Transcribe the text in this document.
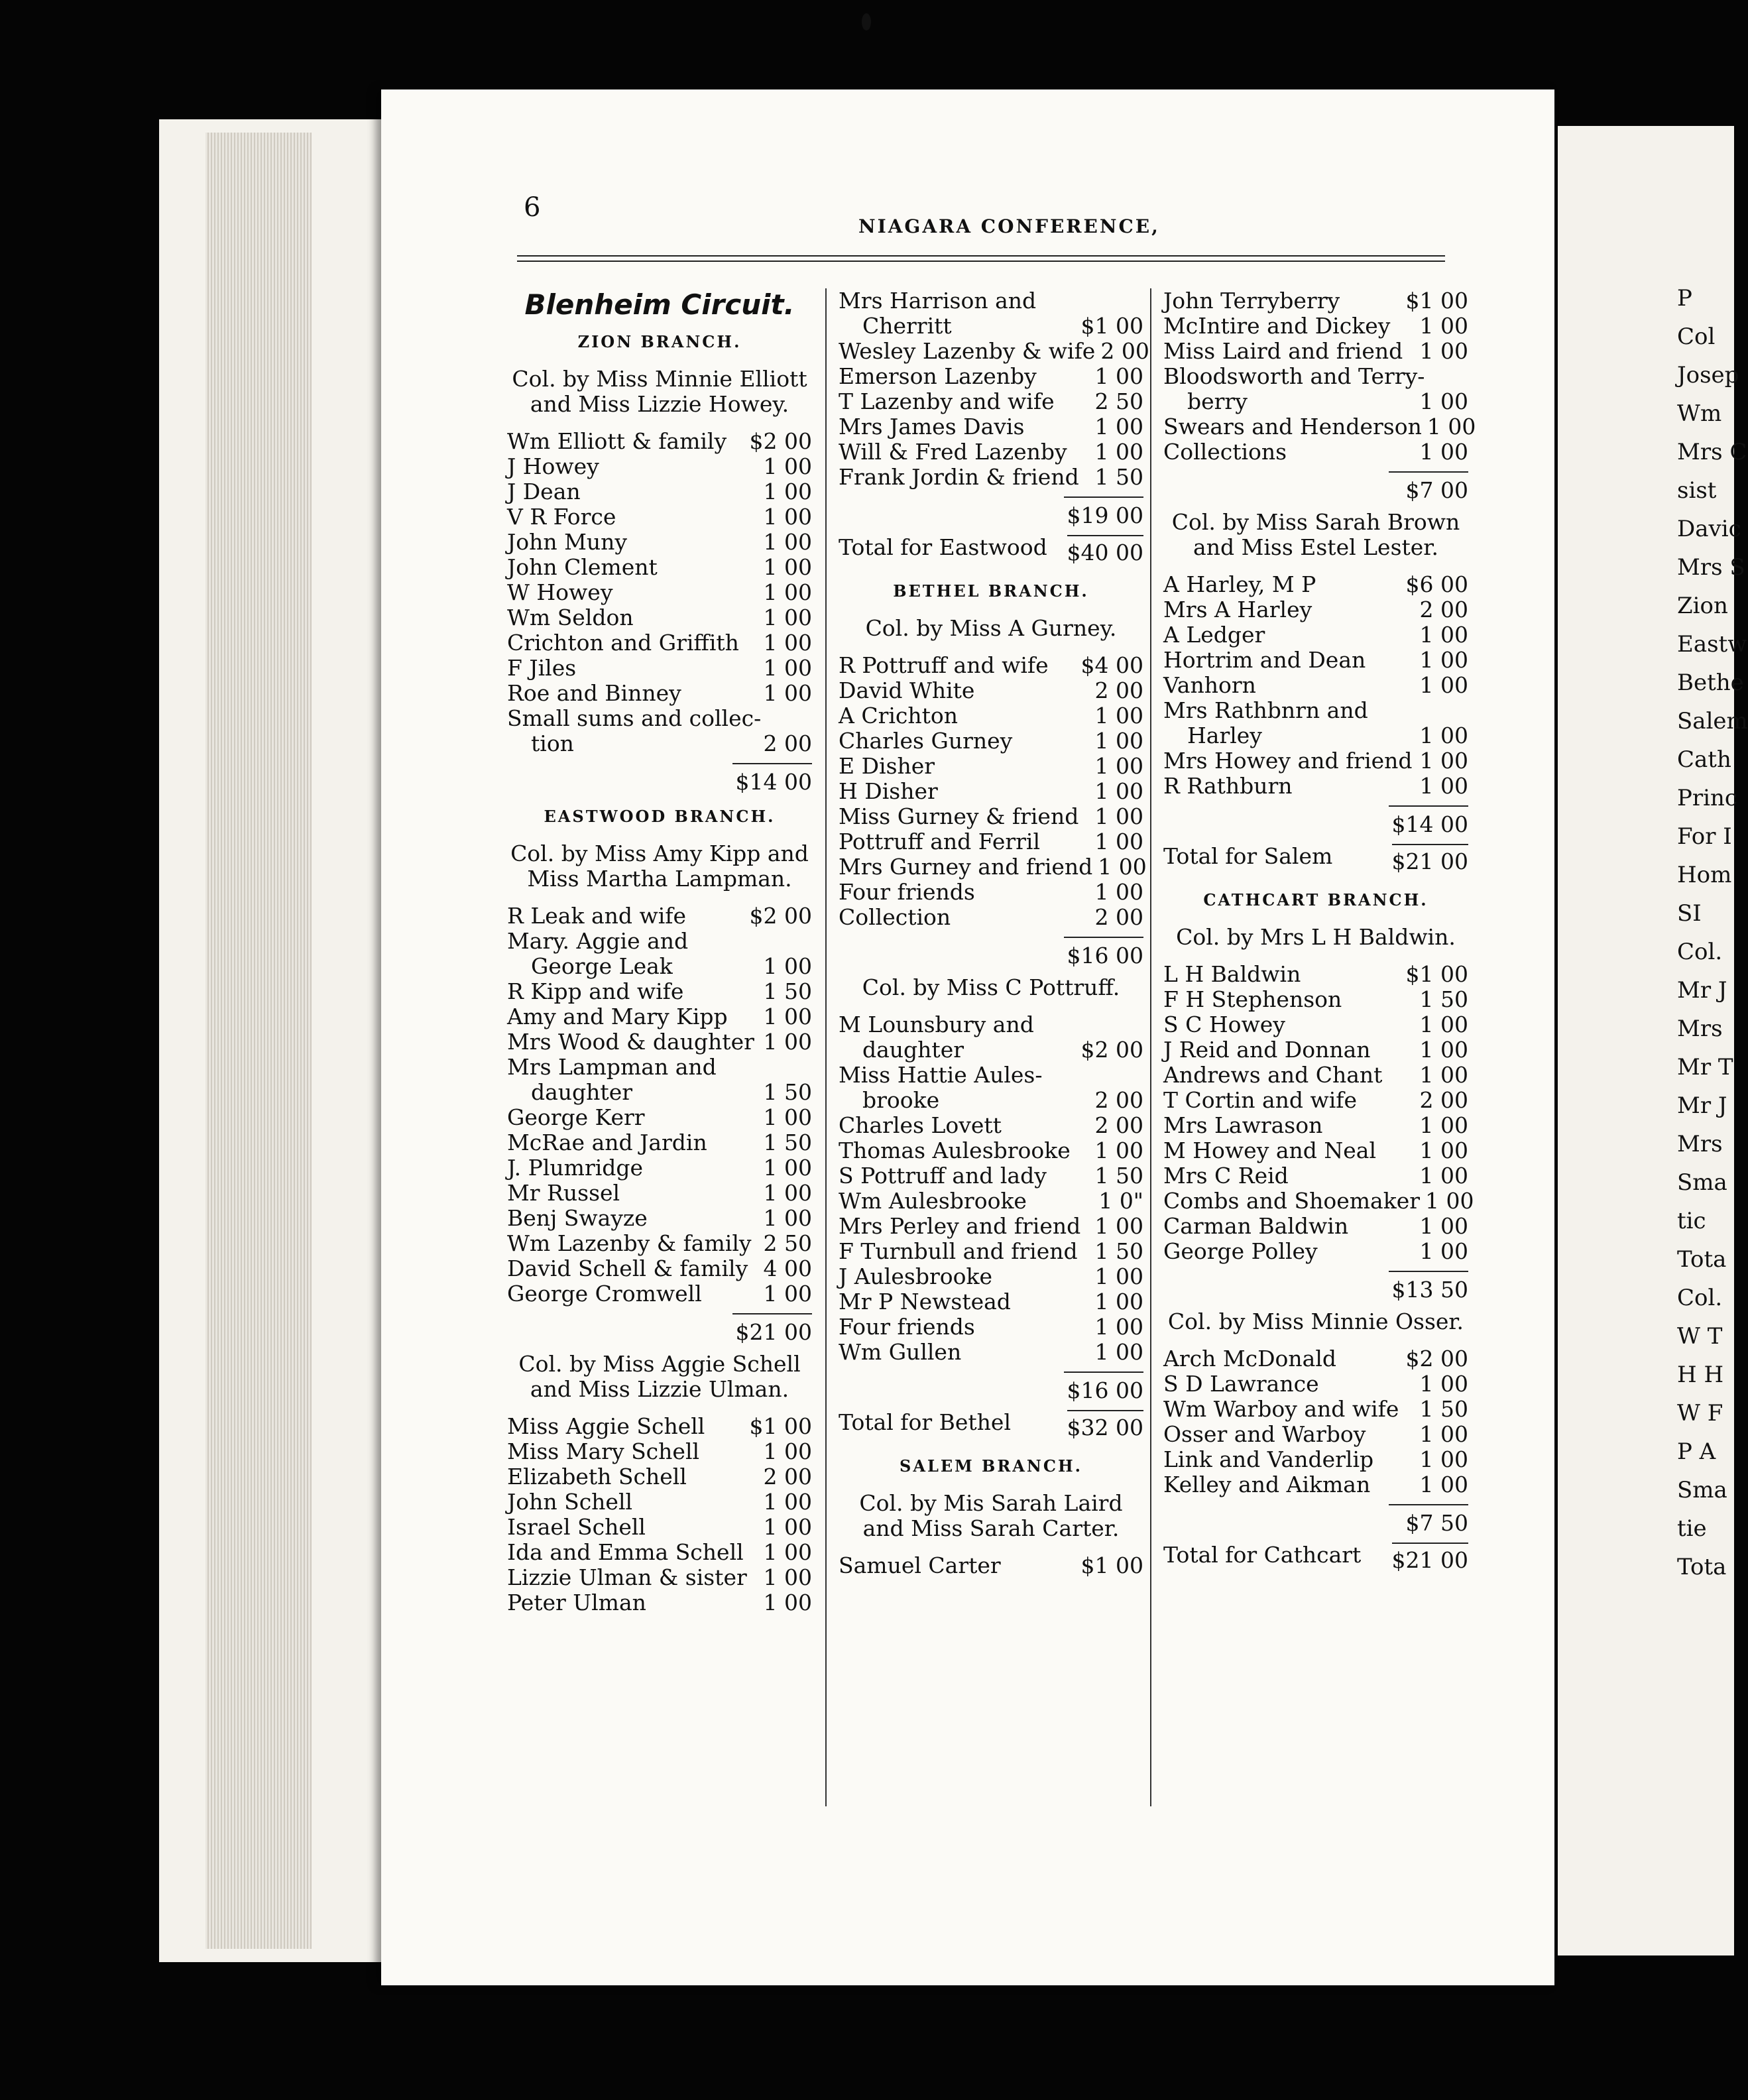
P
Col
Josep
Wm
Mrs C
sist
Davic
Mrs S
Zion
Eastw
Bethe
Salem
Cath
Princ
For I
Hom
SI
Col.
Mr J
Mrs
Mr T
Mr J
Mrs
Sma
tic
Tota
Col.
W T
H H
W F
P A
Sma
tie
Tota
6
NIAGARA CONFERENCE,
Blenheim Circuit.
ZION BRANCH.
Col. by Miss Minnie Elliott and Miss Lizzie Howey.
Wm Elliott & family $2 00
J Howey	1 00
J Dean	1 00
V R Force	1 00
John Muny	1 00
John Clement	1 00
W Howey	1 00
Wm Seldon	1 00
Crichton and Griffith 1 00
F Jiles	1 00
Roe and Binney	1 00
Small sums and collec-
tion	2 00
$14 00
EASTWOOD BRANCH.
Col. by Miss Amy Kipp and Miss Martha Lampman.
R Leak and wife	$2 00
Mary. Aggie and
George Leak	1 00
R Kipp and wife	1 50
Amy and Mary Kipp 1 00
Mrs Wood & daughter 1 00
Mrs Lampman and
daughter	1 50
George Kerr	1 00
McRae and Jardin	1 50
J. Plumridge	1 00
Mr Russel	1 00
Benj Swayze	1 00
Wm Lazenby & family 2 50
David Schell & family 4 00
George Cromwell	1 00
$21 00
Col. by Miss Aggie Schell and Miss Lizzie Ulman.
Miss Aggie Schell $1 00
Miss Mary Schell	1 00
Elizabeth Schell	2 00
John Schell	1 00
Israel Schell	1 00
Ida and Emma Schell 1 00
Lizzie Ulman & sister 1 00
Peter Ulman	1 00
Mrs Harrison and
Cherritt	$1 00
Wesley Lazenby & wife 2 00
Emerson Lazenby	1 00
T Lazenby and wife 2 50
Mrs James Davis	1 00
Will & Fred Lazenby 1 00
Frank Jordin & friend 1 50
$19 00
Total for Eastwood $40 00
BETHEL BRANCH.
Col. by Miss A Gurney.
R Pottruff and wife $4 00
David White	2 00
A Crichton	1 00
Charles Gurney	1 00
E Disher	1 00
H Disher	1 00
Miss Gurney & friend 1 00
Pottruff and Ferril 1 00
Mrs Gurney and friend 1 00
Four friends	1 00
Collection	2 00
$16 00
Col. by Miss C Pottruff.
M Lounsbury and
daughter	$2 00
Miss Hattie Aules-
brooke	2 00
Charles Lovett	2 00
Thomas Aulesbrooke 1 00
S Pottruff and lady 1 50
Wm Aulesbrooke	1 0"
Mrs Perley and friend 1 00
F Turnbull and friend 1 50
J Aulesbrooke	1 00
Mr P Newstead	1 00
Four friends	1 00
Wm Gullen	1 00
$16 00
Total for Bethel	$32 00
SALEM BRANCH.
Col. by Mis Sarah Laird and Miss Sarah Carter.
Samuel Carter	$1 00
John Terryberry	$1 00
McIntire and Dickey 1 00
Miss Laird and friend 1 00
Bloodsworth and Terry-
berry	1 00
Swears and Henderson 1 00
Collections	1 00
$7 00
Col. by Miss Sarah Brown and Miss Estel Lester.
A Harley, M P	$6 00
Mrs A Harley	2 00
A Ledger	1 00
Hortrim and Dean 1 00
Vanhorn	1 00
Mrs Rathbnrn and
Harley	1 00
Mrs Howey and friend 1 00
R Rathburn	1 00
$14 00
Total for Salem	$21 00
CATHCART BRANCH.
Col. by Mrs L H Baldwin.
L H Baldwin	$1 00
F H Stephenson	1 50
S C Howey	1 00
J Reid and Donnan 1 00
Andrews and Chant 1 00
T Cortin and wife	2 00
Mrs Lawrason	1 00
M Howey and Neal 1 00
Mrs C Reid	1 00
Combs and Shoemaker 1 00
Carman Baldwin	1 00
George Polley	1 00
$13 50
Col. by Miss Minnie Osser.
Arch McDonald	$2 00
S D Lawrance	1 00
Wm Warboy and wife 1 50
Osser and Warboy 1 00
Link and Vanderlip 1 00
Kelley and Aikman 1 00
$7 50
Total for Cathcart $21 00
